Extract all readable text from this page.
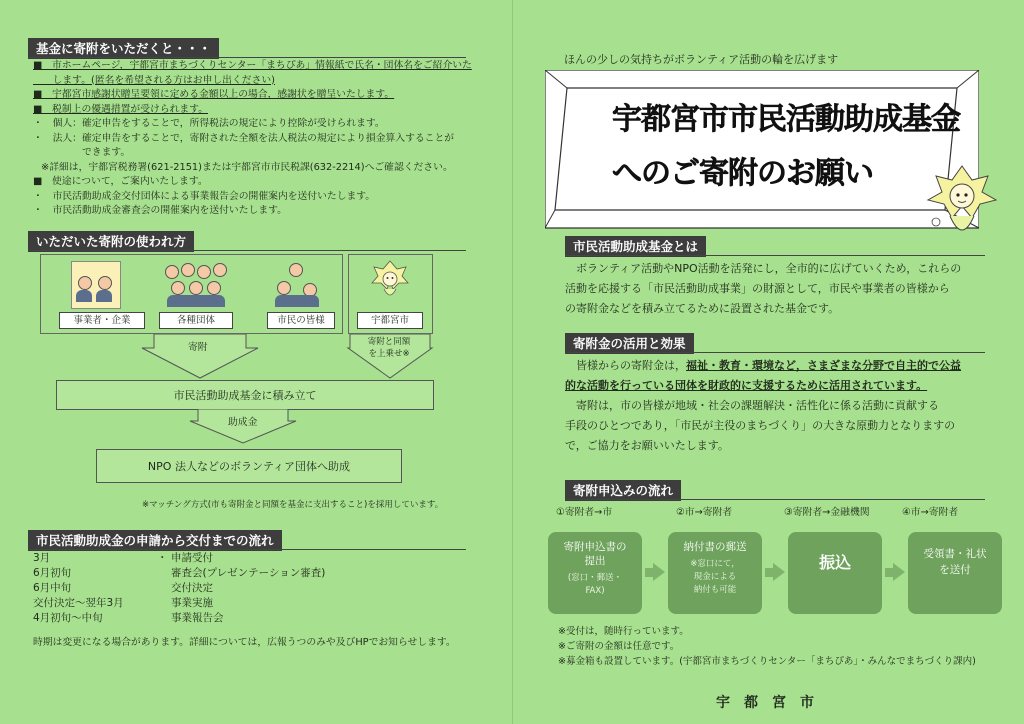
基金に寄附をいただくと・・・
■　市ホームページ，宇都宮市まちづくりセンター「まちぴあ」情報紙で氏名・団体名をご紹介いた
　　します。(匿名を希望される方はお申し出ください)
■　宇都宮市感謝状贈呈要領に定める金額以上の場合，感謝状を贈呈いたします。
■　税制上の優遇措置が受けられます。
・　個人：確定申告をすることで，所得税法の規定により控除が受けられます。
・　法人：確定申告をすることで，寄附された全額を法人税法の規定により損金算入することが
　　　　　できます。
※詳細は，宇都宮税務署(621-2151)または宇都宮市市民税課(632-2214)へご確認ください。
■　使途について，ご案内いたします。
・　市民活動助成金交付団体による事業報告会の開催案内を送付いたします。
・　市民活動助成金審査会の開催案内を送付いたします。
いただいた寄附の使われ方
事業者・企業	各種団体	市民の皆様	宇都宮市
寄附	寄附と同額
を上乗せ※
市民活動助成基金に積み立て
助成金
NPO 法人などのボランティア団体へ助成
※マッチング方式(市も寄附金と同額を基金に支出すること)を採用しています。
市民活動助成金の申請から交付までの流れ
3月	・ 申請受付
6月初旬	審査会(プレゼンテーション審査)
6月中旬	交付決定
交付決定～翌年3月	事業実施
4月初旬～中旬	事業報告会
時期は変更になる場合があります。詳細については，広報うつのみや及びHPでお知らせします。
ほんの少しの気持ちがボランティア活動の輪を広げます
宇都宮市市民活動助成基金
へのご寄附のお願い
市民活動助成基金とは
　ボランティア活動やNPO活動を活発にし，全市的に広げていくため，これらの
活動を応援する「市民活動助成事業」の財源として，市民や事業者の皆様から
の寄附金などを積み立てるために設置された基金です。
寄附金の活用と効果
　皆様からの寄附金は，福祉・教育・環境など，さまざまな分野で自主的で公益
的な活動を行っている団体を財政的に支援するために活用されています。
　寄附は，市の皆様が地域・社会の課題解決・活性化に係る活動に貢献する
手段のひとつであり，「市民が主役のまちづくり」の大きな原動力となりますの
で，ご協力をお願いいたします。
寄附申込みの流れ
①寄附者→市	②市→寄附者	③寄附者→金融機関	④市→寄附者
寄附申込書の
提出
(窓口・郵送・
FAX)
納付書の郵送
※窓口にて，
現金による
納付も可能
振込	受領書・礼状
を送付
※受付は，随時行っています。
※ご寄附の金額は任意です。
※募金箱も設置しています。(宇都宮市まちづくりセンター「まちぴあ」・みんなでまちづくり課内)
宇　都　宮　市
